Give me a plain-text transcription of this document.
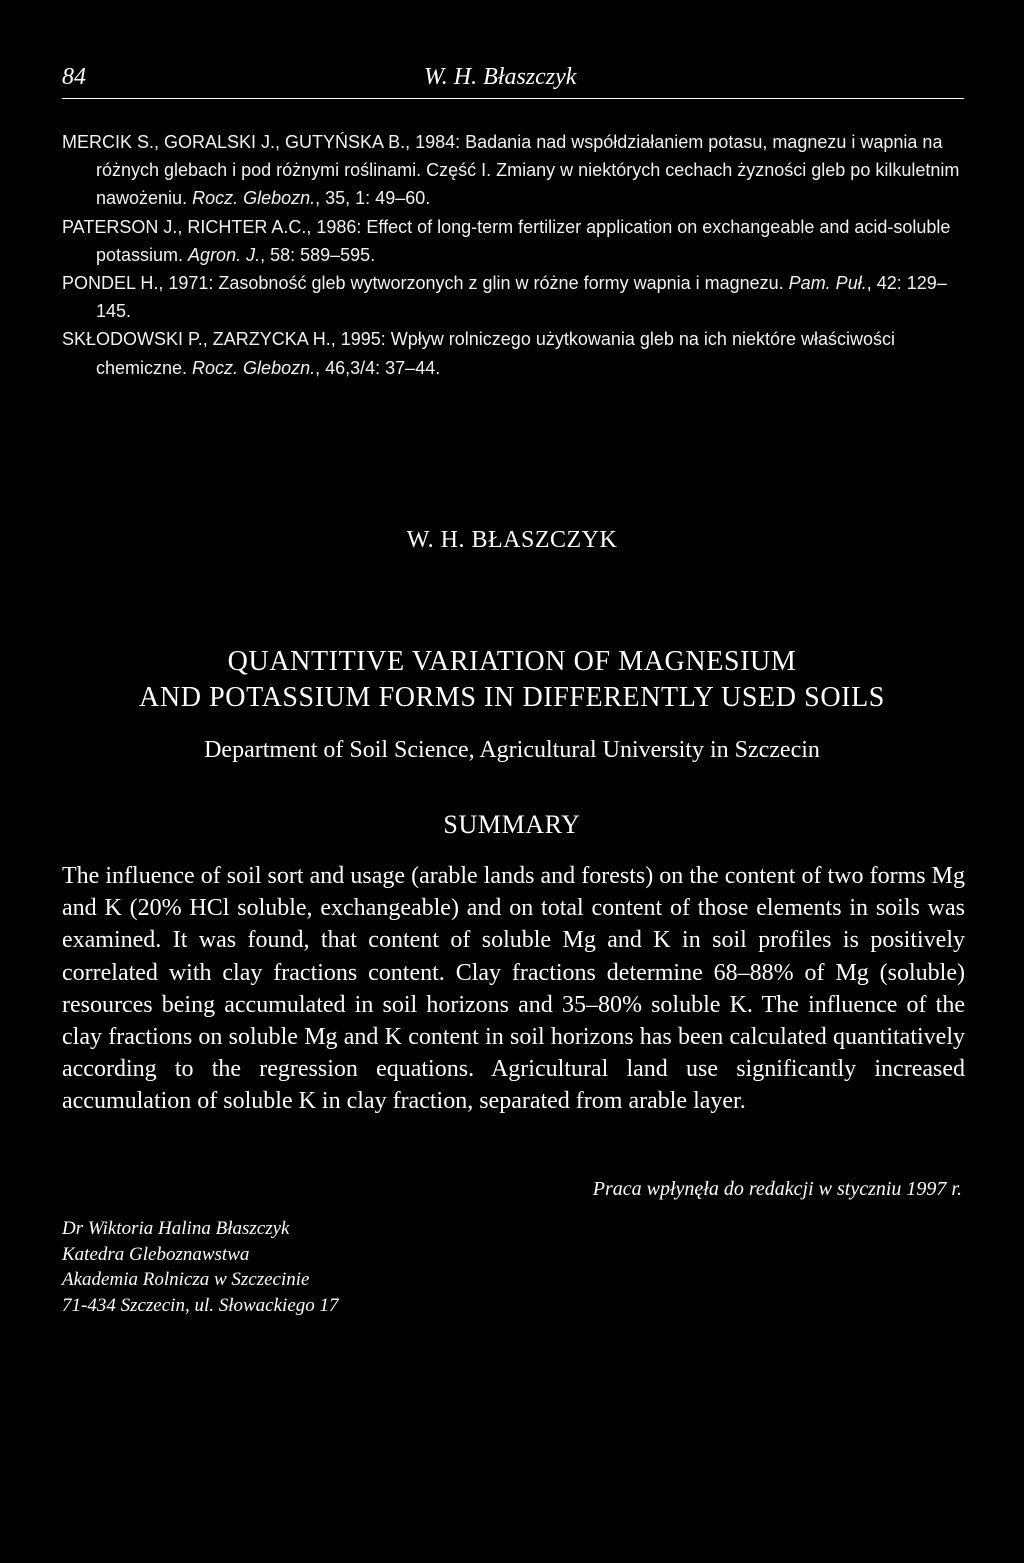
84	W. H. Błaszczyk

MERCIK S., GORALSKI J., GUTYŃSKA B., 1984: Badania nad współdziałaniem potasu, magnezu i wapnia na różnych glebach i pod różnymi roślinami. Część I. Zmiany w niektórych cechach żyzności gleb po kilkuletnim nawożeniu. Rocz. Glebozn., 35, 1: 49–60.

PATERSON J., RICHTER A.C., 1986: Effect of long-term fertilizer application on exchangeable and acid-soluble potassium. Agron. J., 58: 589–595.

PONDEL H., 1971: Zasobność gleb wytworzonych z glin w różne formy wapnia i magnezu. Pam. Puł., 42: 129–145.

SKŁODOWSKI P., ZARZYCKA H., 1995: Wpływ rolniczego użytkowania gleb na ich niektóre właściwości chemiczne. Rocz. Glebozn., 46,3/4: 37–44.

W. H. BŁASZCZYK
QUANTITIVE VARIATION OF MAGNESIUM
AND POTASSIUM FORMS IN DIFFERENTLY USED SOILS
Department of Soil Science, Agricultural University in Szczecin
SUMMARY

The influence of soil sort and usage (arable lands and forests) on the content of two forms Mg and K (20% HCl soluble, exchangeable) and on total content of those elements in soils was examined. It was found, that content of soluble Mg and K in soil profiles is positively correlated with clay fractions content. Clay fractions determine 68–88% of Mg (soluble) resources being accumulated in soil horizons and 35–80% soluble K. The influence of the clay fractions on soluble Mg and K content in soil horizons has been calculated quantitatively according to the regression equations. Agricultural land use significantly increased accumulation of soluble K in clay fraction, separated from arable layer.

Praca wpłynęła do redakcji w styczniu 1997 r.
Dr Wiktoria Halina Błaszczyk
Katedra Gleboznawstwa
Akademia Rolnicza w Szczecinie
71-434 Szczecin, ul. Słowackiego 17
